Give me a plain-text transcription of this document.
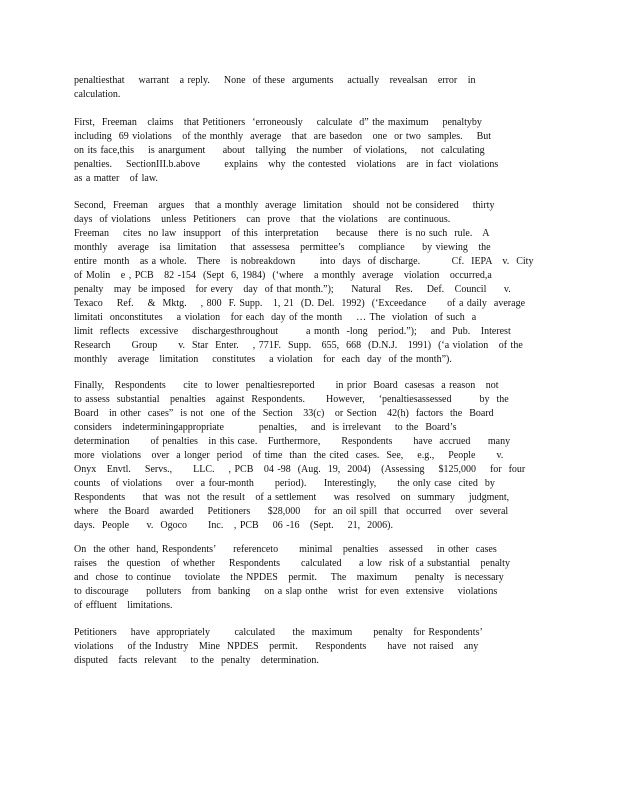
penaltiesthat    warrant   a reply.    None  of these  arguments    actually   revealsan   error   in
calculation.
First,  Freeman   claims   that Petitioners  ‘erroneously    calculate  d” the maximum    penaltyby
including  69 violations   of the monthly  average   that  are basedon   one  or two  samples.    But
on its face,this    is anargument     about   tallying   the number   of violations,    not  calculating
penalties.    SectionIII.b.above       explains   why  the contested   violations   are  in fact  violations
as a matter   of law.
Second,  Freeman   argues   that  a monthly  average  limitation   should  not be considered    thirty
days  of violations   unless  Petitioners   can  prove   that  the violations   are continuous.
Freeman    cites  no law  insupport   of this  interpretation     because   there  is no such  rule.   A
monthly   average   isa  limitation    that  assessesa   permittee’s    compliance     by viewing   the
entire  month   as a whole.   There   is nobreakdown       into  days  of discharge.         Cf.  IEPA   v.  City
of Molin   e , PCB   82 -154  (Sept  6, 1984)  (‘where   a monthly  average   violation   occurred,a
penalty   may  be imposed   for every   day  of that month.”);     Natural    Res.    Def.   Council     v.
Texaco    Ref.    &  Mktg.    , 800  F. Supp.   1, 21  (D. Del.  1992)  (‘Exceedance      of a daily  average
limitati  onconstitutes    a violation   for each  day of the month    … The  violation  of such  a
limit  reflects   excessive    dischargesthroughout        a month  -long   period.”);    and  Pub.   Interest
Research      Group      v.  Star  Enter.    , 771F.  Supp.   655,  668  (D.N.J.   1991)  (‘a violation   of the
monthly   average   limitation    constitutes    a violation   for  each  day  of the month”).
Finally,   Respondents     cite  to lower  penaltiesreported      in prior  Board  casesas  a reason   not
to assess  substantial   penalties   against  Respondents.      However,    ‘penaltiesassessed        by  the
Board   in other  cases”  is not  one  of the  Section   33(c)   or Section   42(h)  factors  the  Board
considers   indeterminingappropriate          penalties,    and  is irrelevant    to the  Board’s
determination      of penalties   in this case.   Furthermore,      Respondents      have  accrued     many
more  violations   over  a longer  period   of time  than  the cited  cases.  See,    e.g.,    People      v.
Onyx   Envtl.    Servs.,      LLC.    , PCB   04 -98  (Aug.  19,  2004)   (Assessing    $125,000    for  four
counts   of violations    over  a four-month      period).     Interestingly,      the only case  cited  by
Respondents     that  was  not  the result   of a settlement     was  resolved   on  summary    judgment,
where   the Board   awarded    Petitioners     $28,000    for  an oil spill  that  occurred    over  several
days.  People     v.  Ogoco      Inc.   , PCB    06 -16   (Sept.    21,  2006).
On  the other  hand, Respondents’     referenceto      minimal   penalties   assessed    in other  cases
raises   the  question   of whether    Respondents      calculated     a low  risk of a substantial   penalty
and  chose  to continue    toviolate   the NPDES   permit.    The   maximum     penalty   is necessary
to discourage     polluters   from  banking    on a slap onthe   wrist  for even  extensive    violations
of effluent   limitations.
Petitioners    have  appropriately       calculated     the  maximum      penalty   for Respondents’
violations    of the Industry   Mine  NPDES   permit.     Respondents      have  not raised   any
disputed   facts  relevant    to the  penalty   determination.
